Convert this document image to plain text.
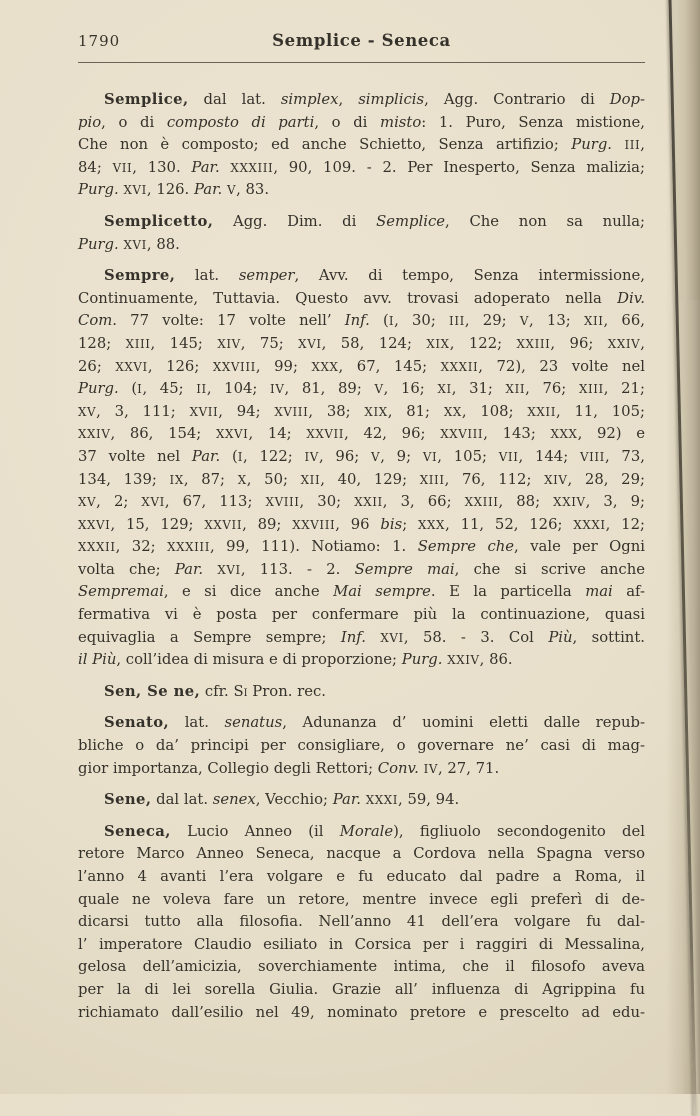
1790	Semplice - Seneca
Semplice, dal lat. simplex, simplicis, Agg. Contrario di Dop-
pio, o di composto di parti, o di misto: 1. Puro, Senza mistione,
Che non è composto; ed anche Schietto, Senza artifizio; Purg. III,
84; VII, 130. Par. XXXIII, 90, 109. - 2. Per Inesperto, Senza malizia;
Purg. XVI, 126. Par. V, 83.
Semplicetto, Agg. Dim. di Semplice, Che non sa nulla;
Purg. XVI, 88.
Sempre, lat. semper, Avv. di tempo, Senza intermissione,
Continuamente, Tuttavia. Questo avv. trovasi adoperato nella Div.
Com. 77 volte: 17 volte nell’ Inf. (I, 30; III, 29; V, 13; XII, 66,
128; XIII, 145; XIV, 75; XVI, 58, 124; XIX, 122; XXIII, 96; XXIV,
26; XXVI, 126; XXVIII, 99; XXX, 67, 145; XXXII, 72), 23 volte nel
Purg. (I, 45; II, 104; IV, 81, 89; V, 16; XI, 31; XII, 76; XIII, 21;
XV, 3, 111; XVII, 94; XVIII, 38; XIX, 81; XX, 108; XXII, 11, 105;
XXIV, 86, 154; XXVI, 14; XXVII, 42, 96; XXVIII, 143; XXX, 92) e
37 volte nel Par. (I, 122; IV, 96; V, 9; VI, 105; VII, 144; VIII, 73,
134, 139; IX, 87; X, 50; XII, 40, 129; XIII, 76, 112; XIV, 28, 29;
XV, 2; XVI, 67, 113; XVIII, 30; XXII, 3, 66; XXIII, 88; XXIV, 3, 9;
XXVI, 15, 129; XXVII, 89; XXVIII, 96 bis; XXX, 11, 52, 126; XXXI, 12;
XXXII, 32; XXXIII, 99, 111). Notiamo: 1. Sempre che, vale per Ogni
volta che; Par. XVI, 113. - 2. Sempre mai, che si scrive anche
Sempremai, e si dice anche Mai sempre. E la particella mai af-
fermativa vi è posta per confermare più la continuazione, quasi
equivaglia a Sempre sempre; Inf. XVI, 58. - 3. Col Più, sottint.
il Più, coll’idea di misura e di proporzione; Purg. XXIV, 86.
Sen, Se ne, cfr. Si Pron. rec.
Senato, lat. senatus, Adunanza d’ uomini eletti dalle repub-
bliche o da’ principi per consigliare, o governare ne’ casi di mag-
gior importanza, Collegio degli Rettori; Conv. IV, 27, 71.
Sene, dal lat. senex, Vecchio; Par. XXXI, 59, 94.
Seneca, Lucio Anneo (il Morale), figliuolo secondogenito del
retore Marco Anneo Seneca, nacque a Cordova nella Spagna verso
l’anno 4 avanti l’era volgare e fu educato dal padre a Roma, il
quale ne voleva fare un retore, mentre invece egli preferì di de-
dicarsi tutto alla filosofia. Nell’anno 41 dell’era volgare fu dal-
l’ imperatore Claudio esiliato in Corsica per i raggiri di Messalina,
gelosa dell’amicizia, soverchiamente intima, che il filosofo aveva
per la di lei sorella Giulia. Grazie all’ influenza di Agrippina fu
richiamato dall’esilio nel 49, nominato pretore e prescelto ad edu-
